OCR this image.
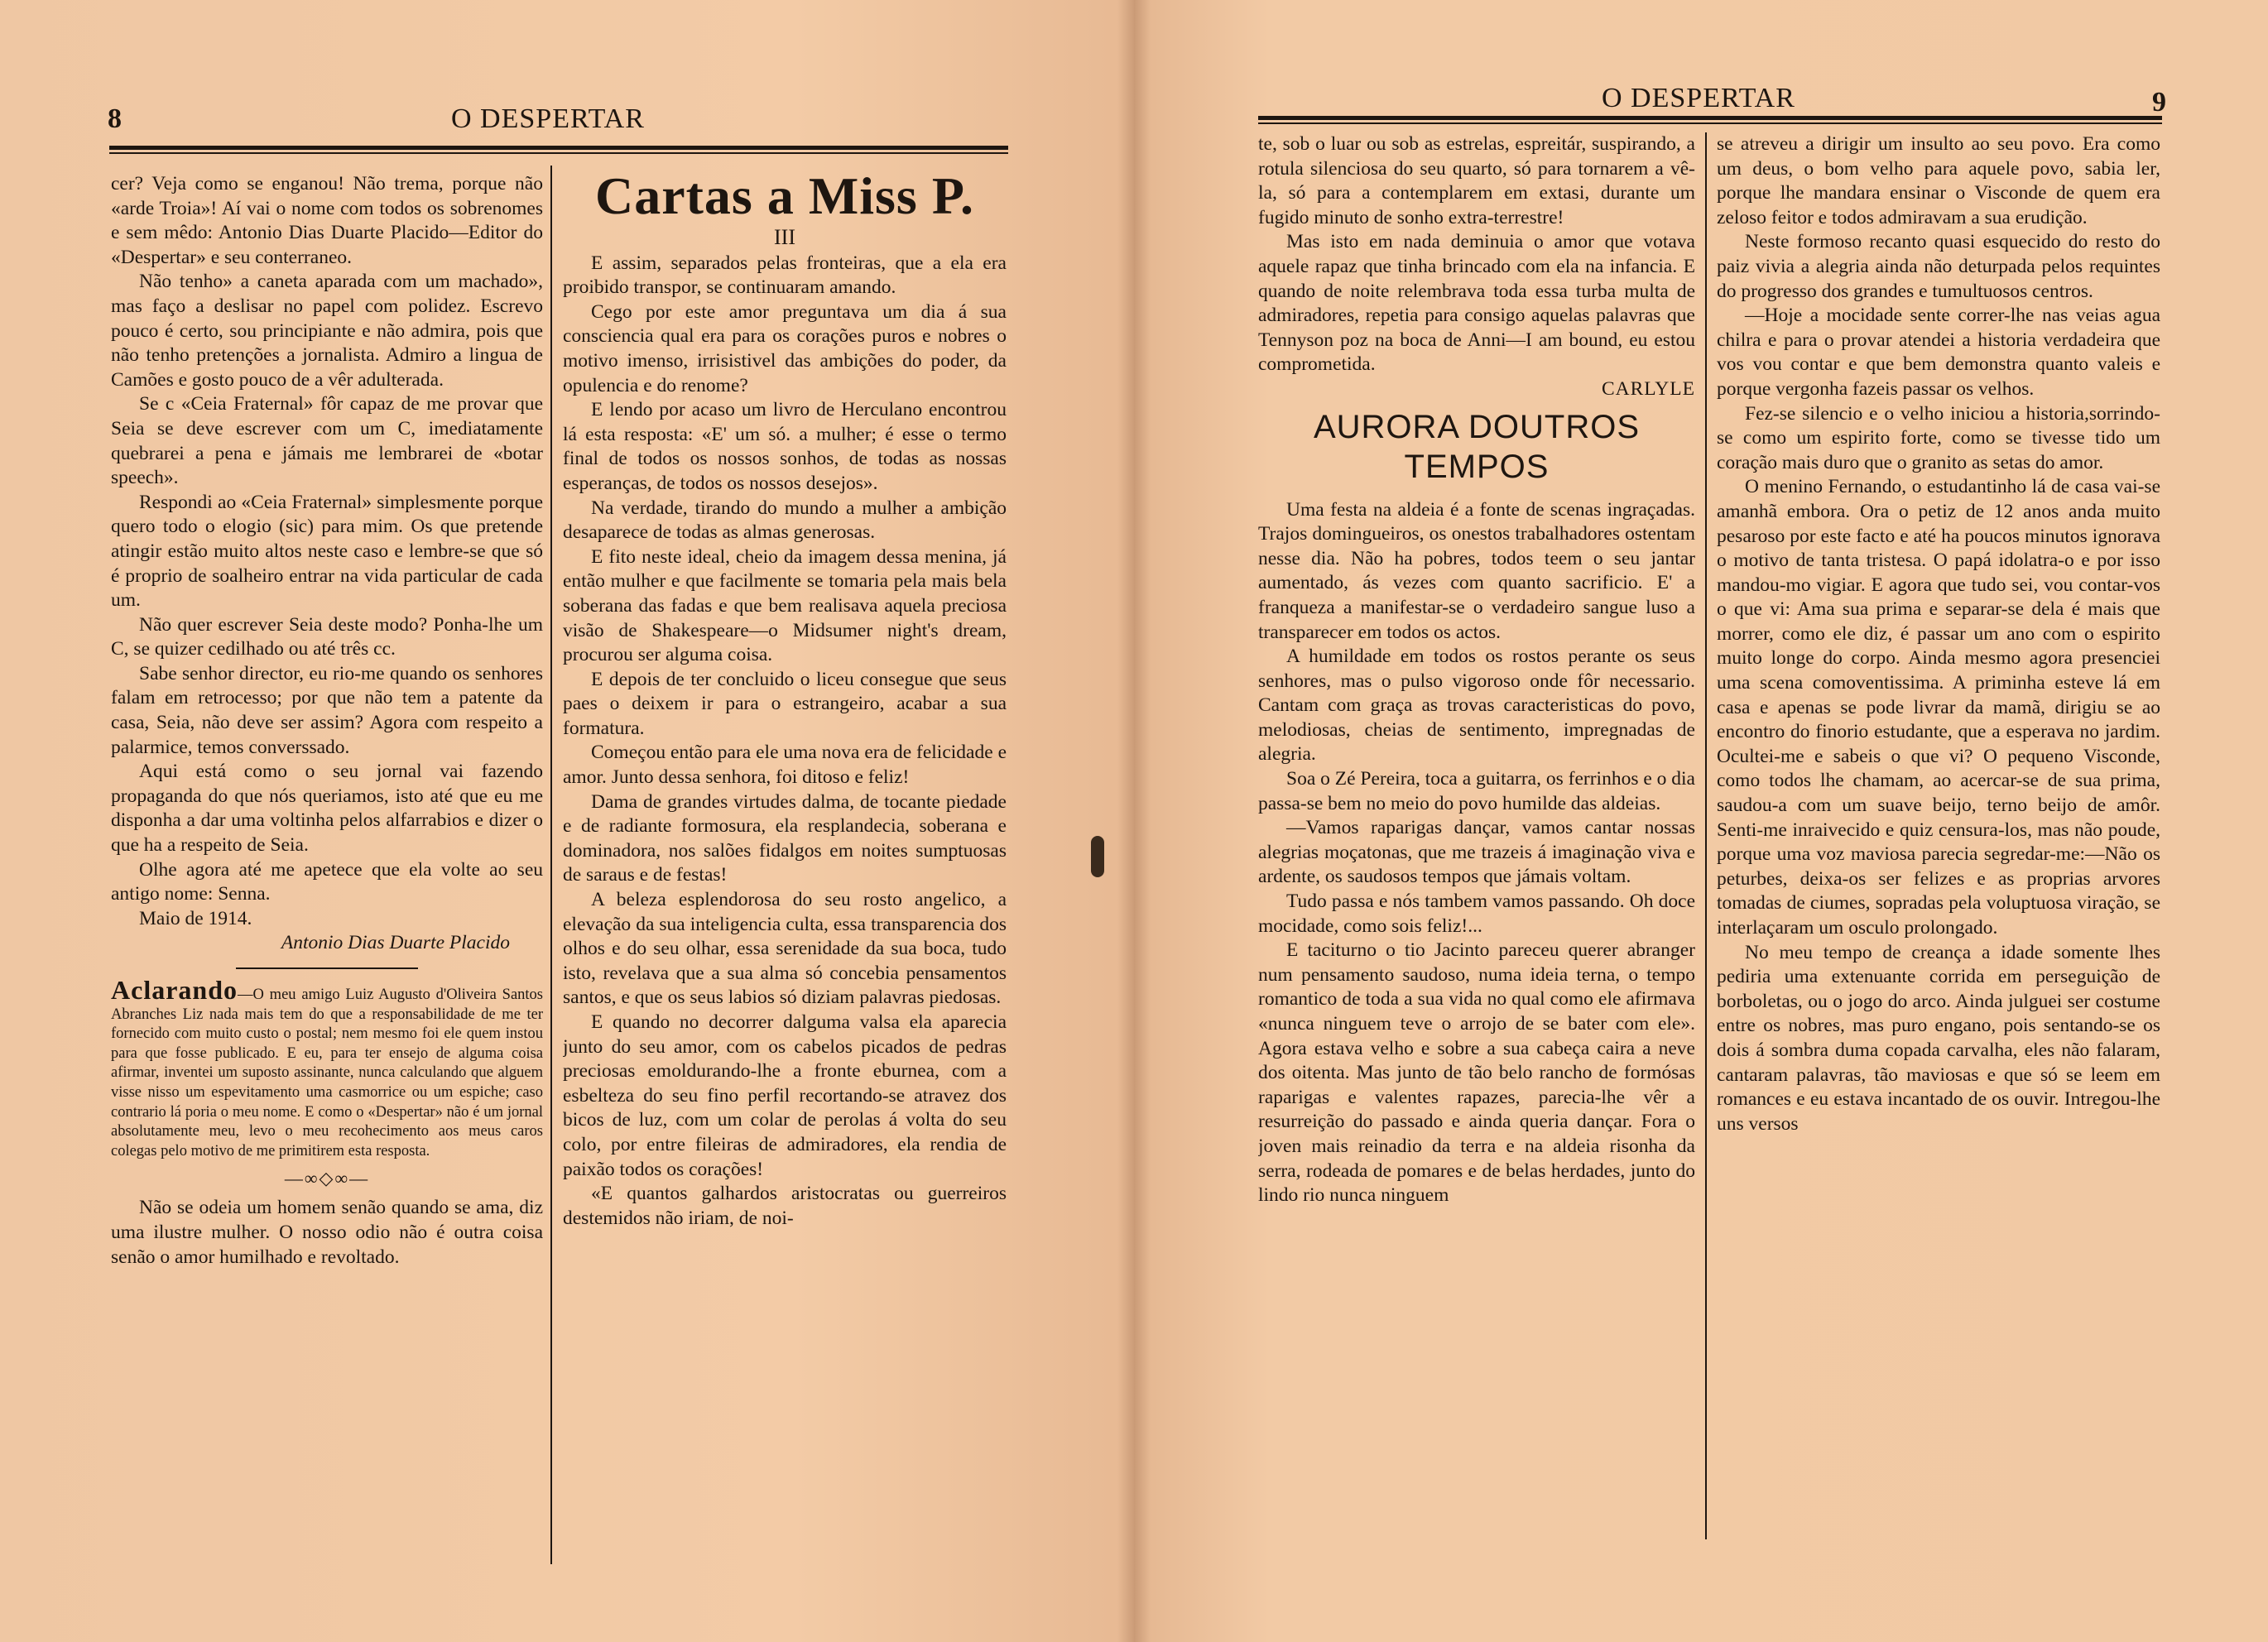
8	O DESPERTAR

cer? Veja como se enganou! Não trema, porque não «arde Troia»! Aí vai o nome com todos os sobrenomes e sem mêdo: Antonio Dias Duarte Placido—Editor do «Despertar» e seu conterraneo.

Não tenho» a caneta aparada com um machado», mas faço a deslisar no papel com polidez. Escrevo pouco é certo, sou principiante e não admira, pois que não tenho pretenções a jornalista. Admiro a lingua de Camões e gosto pouco de a vêr adulterada.

Se c «Ceia Fraternal» fôr capaz de me provar que Seia se deve escrever com um C, imediatamente quebrarei a pena e jámais me lembrarei de «botar speech».

Respondi ao «Ceia Fraternal» simplesmente porque quero todo o elogio (sic) para mim. Os que pretende atingir estão muito altos neste caso e lembre-se que só é proprio de soalheiro entrar na vida particular de cada um.

Não quer escrever Seia deste modo? Ponha-lhe um C, se quizer cedilhado ou até três cc.

Sabe senhor director, eu rio-me quando os senhores falam em retrocesso; por que não tem a patente da casa, Seia, não deve ser assim? Agora com respeito a palarmice, temos converssado.

Aqui está como o seu jornal vai fazendo propaganda do que nós queriamos, isto até que eu me disponha a dar uma voltinha pelos alfarrabios e dizer o que ha a respeito de Seia.

Olhe agora até me apetece que ela volte ao seu antigo nome: Senna.

Maio de 1914.

Antonio Dias Duarte Placido

Aclarando—O meu amigo Luiz Augusto d'Oliveira Santos Abranches Liz nada mais tem do que a responsabilidade de me ter fornecido com muito custo o postal; nem mesmo foi ele quem instou para que fosse publicado. E eu, para ter ensejo de alguma coisa afirmar, inventei um suposto assinante, nunca calculando que alguem visse nisso um espevitamento uma casmorrice ou um espiche; caso contrario lá poria o meu nome. E como o «Despertar» não é um jornal absolutamente meu, levo o meu recohecimento aos meus caros colegas pelo motivo de me primitirem esta resposta.
—∞◇∞—

Não se odeia um homem senão quando se ama, diz uma ilustre mulher. O nosso odio não é outra coisa senão o amor humilhado e revoltado.

Cartas a Miss P.
III

E assim, separados pelas fronteiras, que a ela era proibido transpor, se continuaram amando.

Cego por este amor preguntava um dia á sua consciencia qual era para os corações puros e nobres o motivo imenso, irrisistivel das ambições do poder, da opulencia e do renome?

E lendo por acaso um livro de Herculano encontrou lá esta resposta: «E' um só. a mulher; é esse o termo final de todos os nossos sonhos, de todas as nossas esperanças, de todos os nossos desejos».

Na verdade, tirando do mundo a mulher a ambição desaparece de todas as almas generosas.

E fito neste ideal, cheio da imagem dessa menina, já então mulher e que facilmente se tomaria pela mais bela soberana das fadas e que bem realisava aquela preciosa visão de Shakespeare—o Midsumer night's dream, procurou ser alguma coisa.

E depois de ter concluido o liceu consegue que seus paes o deixem ir para o estrangeiro, acabar a sua formatura.

Começou então para ele uma nova era de felicidade e amor. Junto dessa senhora, foi ditoso e feliz!

Dama de grandes virtudes dalma, de tocante piedade e de radiante formosura, ela resplandecia, soberana e dominadora, nos salões fidalgos em noites sumptuosas de saraus e de festas!

A beleza esplendorosa do seu rosto angelico, a elevação da sua inteligencia culta, essa transparencia dos olhos e do seu olhar, essa serenidade da sua boca, tudo isto, revelava que a sua alma só concebia pensamentos santos, e que os seus labios só diziam palavras piedosas.

E quando no decorrer dalguma valsa ela aparecia junto do seu amor, com os cabelos picados de pedras preciosas emoldurando-lhe a fronte eburnea, com a esbelteza do seu fino perfil recortando-se atravez dos bicos de luz, com um colar de perolas á volta do seu colo, por entre fileiras de admiradores, ela rendia de paixão todos os corações!

«E quantos galhardos aristocratas ou guerreiros destemidos não iriam, de noi-

O DESPERTAR	9

te, sob o luar ou sob as estrelas, espreitár, suspirando, a rotula silenciosa do seu quarto, só para tornarem a vê-la, só para a contemplarem em extasi, durante um fugido minuto de sonho extra-terrestre!

Mas isto em nada deminuia o amor que votava aquele rapaz que tinha brincado com ela na infancia. E quando de noite relembrava toda essa turba multa de admiradores, repetia para consigo aquelas palavras que Tennyson poz na boca de Anni—I am bound, eu estou comprometida.

CARLYLE

AURORA DOUTROS TEMPOS

Uma festa na aldeia é a fonte de scenas ingraçadas. Trajos domingueiros, os onestos trabalhadores ostentam nesse dia. Não ha pobres, todos teem o seu jantar aumentado, ás vezes com quanto sacrificio. E' a franqueza a manifestar-se o verdadeiro sangue luso a transparecer em todos os actos.

A humildade em todos os rostos perante os seus senhores, mas o pulso vigoroso onde fôr necessario. Cantam com graça as trovas caracteristicas do povo, melodiosas, cheias de sentimento, impregnadas de alegria.

Soa o Zé Pereira, toca a guitarra, os ferrinhos e o dia passa-se bem no meio do povo humilde das aldeias.

—Vamos raparigas dançar, vamos cantar nossas alegrias moçatonas, que me trazeis á imaginação viva e ardente, os saudosos tempos que jámais voltam.

Tudo passa e nós tambem vamos passando. Oh doce mocidade, como sois feliz!...

E taciturno o tio Jacinto pareceu querer abranger num pensamento saudoso, numa ideia terna, o tempo romantico de toda a sua vida no qual como ele afirmava «nunca ninguem teve o arrojo de se bater com ele». Agora estava velho e sobre a sua cabeça caira a neve dos oitenta. Mas junto de tão belo rancho de formósas raparigas e valentes rapazes, parecia-lhe vêr a resurreição do passado e ainda queria dançar. Fora o joven mais reinadio da terra e na aldeia risonha da serra, rodeada de pomares e de belas herdades, junto do lindo rio nunca ninguem

se atreveu a dirigir um insulto ao seu povo. Era como um deus, o bom velho para aquele povo, sabia ler, porque lhe mandara ensinar o Visconde de quem era zeloso feitor e todos admiravam a sua erudição.

Neste formoso recanto quasi esquecido do resto do paiz vivia a alegria ainda não deturpada pelos requintes do progresso dos grandes e tumultuosos centros.

—Hoje a mocidade sente correr-lhe nas veias agua chilra e para o provar atendei a historia verdadeira que vos vou contar e que bem demonstra quanto valeis e porque vergonha fazeis passar os velhos.

Fez-se silencio e o velho iniciou a historia,sorrindo-se como um espirito forte, como se tivesse tido um coração mais duro que o granito as setas do amor.

O menino Fernando, o estudantinho lá de casa vai-se amanhã embora. Ora o petiz de 12 anos anda muito pesaroso por este facto e até ha poucos minutos ignorava o motivo de tanta tristesa. O papá idolatra-o e por isso mandou-mo vigiar. E agora que tudo sei, vou contar-vos o que vi: Ama sua prima e separar-se dela é mais que morrer, como ele diz, é passar um ano com o espirito muito longe do corpo. Ainda mesmo agora presenciei uma scena comoventissima. A priminha esteve lá em casa e apenas se pode livrar da mamã, dirigiu se ao encontro do finorio estudante, que a esperava no jardim. Ocultei-me e sabeis o que vi? O pequeno Visconde, como todos lhe chamam, ao acercar-se de sua prima, saudou-a com um suave beijo, terno beijo de amôr. Senti-me inraivecido e quiz censura-los, mas não poude, porque uma voz maviosa parecia segredar-me:—Não os peturbes, deixa-os ser felizes e as proprias arvores tomadas de ciumes, sopradas pela voluptuosa viração, se interlaçaram um osculo prolongado.

No meu tempo de creança a idade somente lhes pediria uma extenuante corrida em perseguição de borboletas, ou o jogo do arco. Ainda julguei ser costume entre os nobres, mas puro engano, pois sentando-se os dois á sombra duma copada carvalha, eles não falaram, cantaram palavras, tão maviosas e que só se leem em romances e eu estava incantado de os ouvir. Intregou-lhe uns versos
